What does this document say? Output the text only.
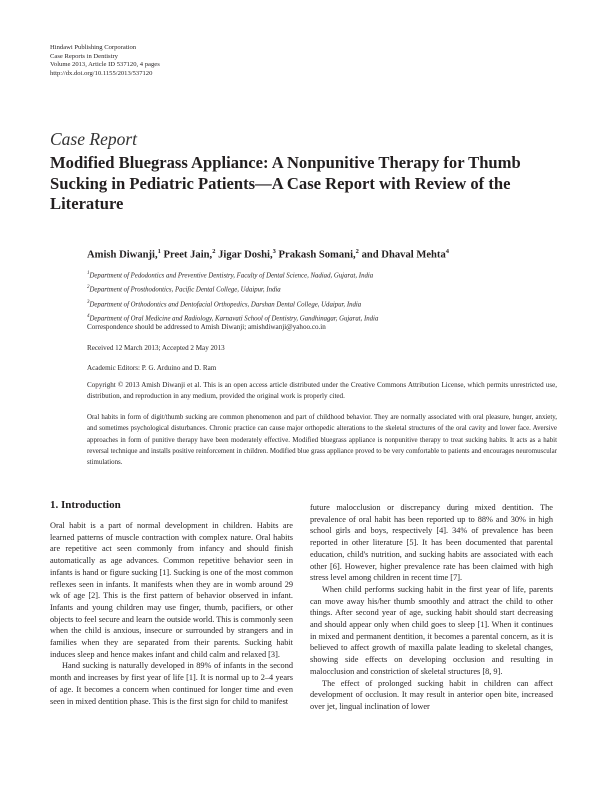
Hindawi Publishing Corporation
Case Reports in Dentistry
Volume 2013, Article ID 537120, 4 pages
http://dx.doi.org/10.1155/2013/537120
Case Report
Modified Bluegrass Appliance: A Nonpunitive Therapy for Thumb Sucking in Pediatric Patients—A Case Report with Review of the Literature
Amish Diwanji,$^1$ Preet Jain,$^2$ Jigar Doshi,$^3$ Prakash Somani,$^2$ and Dhaval Mehta$^4$
$^1$Department of Pedodontics and Preventive Dentistry, Faculty of Dental Science, Nadiad, Gujarat, India
$^2$Department of Prosthodontics, Pacific Dental College, Udaipur, India
$^3$Department of Orthodontics and Dentofacial Orthopedics, Darshan Dental College, Udaipur, India
$^4$Department of Oral Medicine and Radiology, Karnavati School of Dentistry, Gandhinagar, Gujarat, India
Correspondence should be addressed to Amish Diwanji; amishdiwanji@yahoo.co.in
Received 12 March 2013; Accepted 2 May 2013
Academic Editors: P. G. Arduino and D. Ram
Copyright © 2013 Amish Diwanji et al. This is an open access article distributed under the Creative Commons Attribution License, which permits unrestricted use, distribution, and reproduction in any medium, provided the original work is properly cited.
Oral habits in form of digit/thumb sucking are common phenomenon and part of childhood behavior. They are normally associated with oral pleasure, hunger, anxiety, and sometimes psychological disturbances. Chronic practice can cause major orthopedic alterations to the skeletal structures of the oral cavity and lower face. Aversive approaches in form of punitive therapy have been moderately effective. Modified bluegrass appliance is nonpunitive therapy to treat sucking habits. It acts as a habit reversal technique and installs positive reinforcement in children. Modified blue grass appliance proved to be very comfortable to patients and encourages neuromuscular stimulations.
1. Introduction

Oral habit is a part of normal development in children. Habits are learned patterns of muscle contraction with complex nature. Oral habits are repetitive act seen commonly from infancy and should finish automatically as age advances. Common repetitive behavior seen in infants is hand or figure sucking [1]. Sucking is one of the most common reflexes seen in infants. It manifests when they are in womb around 29 wk of age [2]. This is the first pattern of behavior observed in infant. Infants and young children may use finger, thumb, pacifiers, or other objects to feel secure and learn the outside world. This is commonly seen when the child is anxious, insecure or surrounded by strangers and in families when they are separated from their parents. Sucking habit induces sleep and hence makes infant and child calm and relaxed [3].

Hand sucking is naturally developed in 89% of infants in the second month and increases by first year of life [1]. It is normal up to 2–4 years of age. It becomes a concern when continued for longer time and even seen in mixed dentition phase. This is the first sign for child to manifest

future malocclusion or discrepancy during mixed dentition. The prevalence of oral habit has been reported up to 88% and 30% in high school girls and boys, respectively [4]. 34% of prevalence has been reported in other literature [5]. It has been documented that parental education, child's nutrition, and sucking habits are associated with each other [6]. However, higher prevalence rate has been claimed with high stress level among children in recent time [7].

When child performs sucking habit in the first year of life, parents can move away his/her thumb smoothly and attract the child to other things. After second year of age, sucking habit should start decreasing and should appear only when child goes to sleep [1]. When it continues in mixed and permanent dentition, it becomes a parental concern, as it is believed to affect growth of maxilla palate leading to skeletal changes, showing side effects on developing occlusion and resulting in malocclusion and constriction of skeletal structures [8, 9].

The effect of prolonged sucking habit in children can affect development of occlusion. It may result in anterior open bite, increased over jet, lingual inclination of lower
